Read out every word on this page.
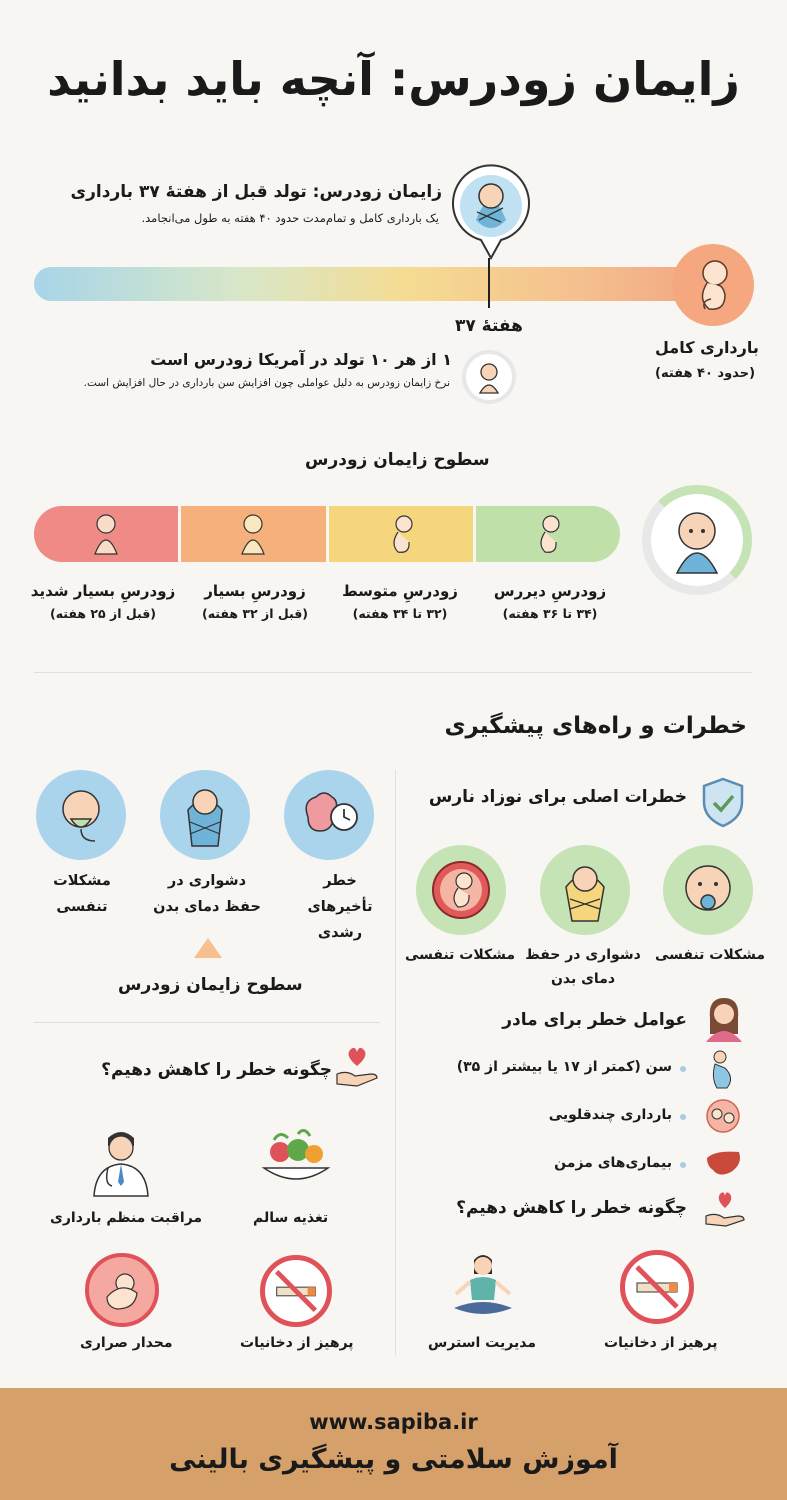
زایمان زودرس: آنچه باید بدانید
زایمان زودرس: تولد قبل از هفتهٔ ۳۷ بارداری
یک بارداری کامل و تمام‌مدت حدود ۴۰ هفته به طول می‌انجامد.
هفتهٔ ۳۷
بارداری کامل
(حدود ۴۰ هفته)
۱ از هر ۱۰ تولد در آمریکا زودرس است
نرخ زایمان زودرس به دلیل عواملی چون افزایش سن بارداری در حال افزایش است.
سطوح زایمان زودرس
زودرسِ بسیار شدید
(قبل از ۲۵ هفته)
زودرسِ بسیار
(قبل از ۳۲ هفته)
زودرسِ متوسط
(۳۲ تا ۳۴ هفته)
زودرسِ دیررس
(۳۴ تا ۳۶ هفته)
خطرات و راه‌های پیشگیری
خطر تأخیرهای رشدی
دشواری در حفظ دمای بدن
مشکلات تنفسی
سطوح زایمان زودرس
خطرات اصلی برای نوزاد نارس
مشکلات تنفسی
دشواری در حفظ دمای بدن
مشکلات تنفسی
عوامل خطر برای مادر
سن (کمتر از ۱۷ یا بیشتر از ۳۵)
بارداری چندقلویی
بیماری‌های مزمن
چگونه خطر را کاهش دهیم؟
پرهیز از دخانیات
مدیریت استرس
چگونه خطر را کاهش دهیم؟
تغذیه سالم
مراقبت منظم بارداری
پرهیز از دخانیات
محدار صراری
www.sapiba.ir
آموزش سلامتی و پیشگیری بالینی
